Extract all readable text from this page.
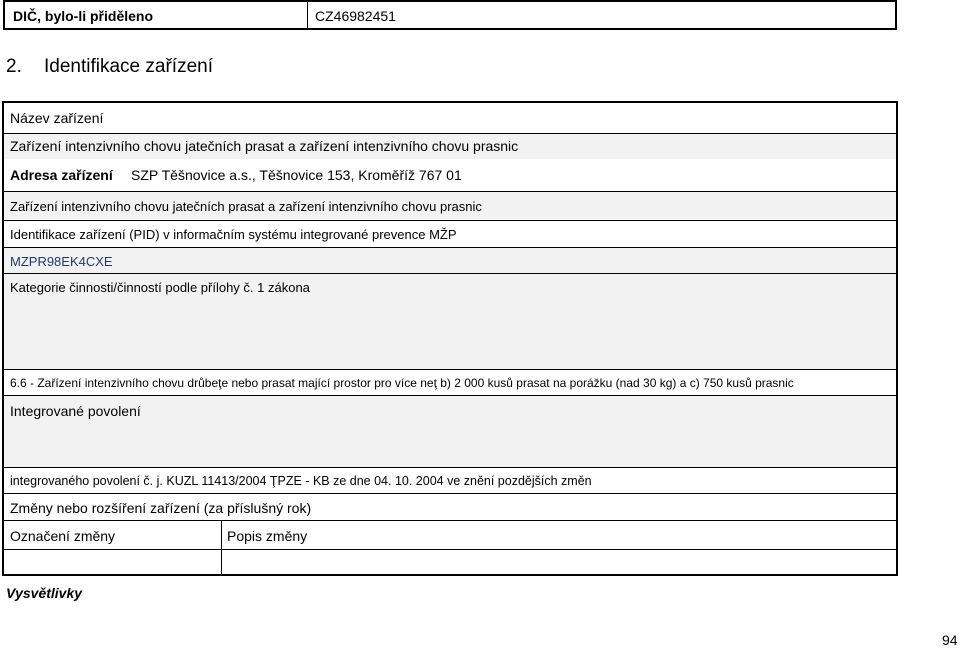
DIČ, bylo-li přiděleno	CZ46982451
2. Identifikace zařízení
Název zařízení
Zařízení intenzivního chovu jatečních prasat a zařízení intenzivního chovu prasnic
Adresa zařízení SZP Těšnovice a.s., Těšnovice 153, Kroměříž 767 01
Zařízení intenzivního chovu jatečních prasat a zařízení intenzivního chovu prasnic
Identifikace zařízení (PID) v informačním systému integrované prevence MŽP
MZPR98EK4CXE
Kategorie činnosti/činností podle přílohy č. 1 zákona
6.6 - Zařízení intenzivního chovu drůbeţe nebo prasat mající prostor pro více neţ b) 2 000 kusů prasat na porážku (nad 30 kg) a c) 750 kusů prasnic
Integrované povolení
integrovaného povolení č. j. KUZL 11413/2004 ŢPZE - KB ze dne 04. 10. 2004 ve znění pozdějších změn
Změny nebo rozšíření zařízení (za příslušný rok)
Označení změny	Popis změny
Vysvětlivky
94
